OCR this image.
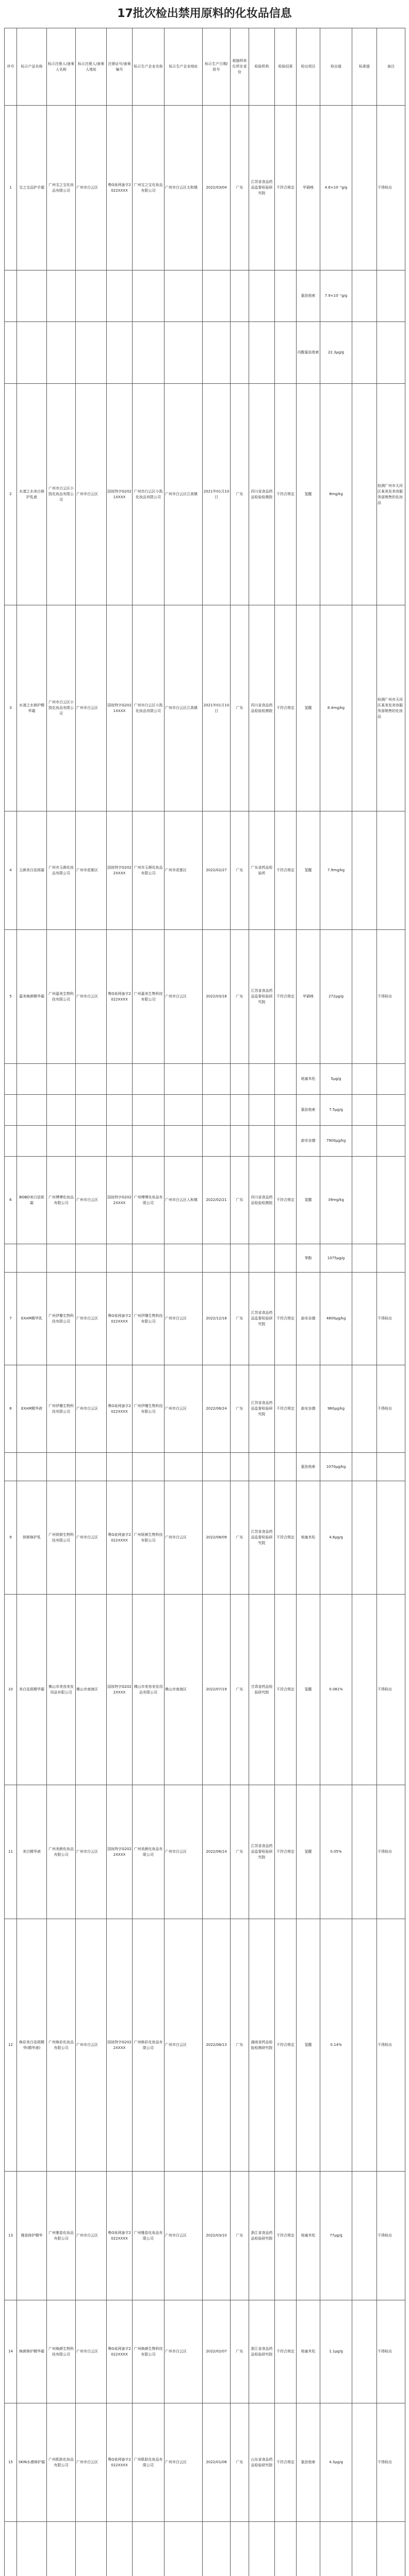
17批次检出禁用原料的化妆品信息
序号	标示产品名称	标示注册人/备案人名称	标示注册人/备案人地址	注册证号/备案编号	标示生产企业名称	标示生产企业地址	标示生产日期/批号	被抽样单位所在省份	检验机构	检验结果	检出项目	检出值	标准值	备注
1	宝之宝品护手霜	广州宝之宝化妆品有限公司	广州市白云区	粤G妆网备字2022XXXX	广州宝之宝化妆品有限公司	广州市白云区太和镇	2022/03/04	广东	江苏省食品药品监督检验研究院	不符合规定	甲硝唑	4.6×10⁻⁷g/g		不得检出
											氯倍他索	7.9×10⁻⁷g/g		
											丙酸氯倍他索	22.3μg/g		
2	水漾之水美白修护乳液	广州市白云区小凯化妆品有限公司	广州市白云区	国妆特字G2021XXXX	广州市白云区小凯化妆品有限公司	广州市白云区江高镇	2021年01月10日	广东	四川省食品药品检验检测院	不符合规定	氢醌	8mg/kg		检测广州市天河区某美发美容服务部销售的化妆品
3	水漾之水修护精华霜	广州市白云区小凯化妆品有限公司	广州市白云区	国妆特字G2021XXXX	广州市白云区小凯化妆品有限公司	广州市白云区江高镇	2021年01月10日	广东	四川省食品药品检验检测院	不符合规定	氢醌	8.4mg/kg		检测广州市天河区某美发美容服务部销售的化妆品
4	玉颜美白祛斑霜	广州市玉颜化妆品有限公司	广州市花都区	国妆特字G2022XXXX	广州市玉颜化妆品有限公司	广州市花都区	2022/02/27	广东	广东省药品检验所	不符合规定	氢醌	7.9mg/kg		
5	嘉美焕颜精华霜	广州嘉美生物科技有限公司	广州市白云区	粤G妆网备字2022XXXX	广州嘉美生物科技有限公司	广州市白云区	2022/03/18	广东	江苏省食品药品监督检验研究院	不符合规定	甲硝唑	272μg/g		不得检出
											地塞米松	5μg/g		
											氯倍他索	7.5μg/g		
											曲安奈德	7900μg/kg		
6	BOBO美白祛斑霜	广州博博化妆品有限公司	广州市白云区	国妆特字G2022XXXX	广州博博化妆品有限公司	广州市白云区人和镇	2022/02/21	广东	四川省食品药品检验检测院	不符合规定	氢醌	39mg/kg		
											苯酚	1075μg/g		
7	EXAM精华乳	广州伊珊生物科技有限公司	广州市白云区	粤G妆网备字2022XXXX	广州伊珊生物科技有限公司	广州市白云区	2022/12/18	广东	江苏省食品药品监督检验研究院	不符合规定	曲安奈德	4800μg/kg		不得检出
8	EXAM精华液	广州伊珊生物科技有限公司	广州市白云区	粤G妆网备字2022XXXX	广州伊珊生物科技有限公司	广州市白云区	2022/06/24	广东	江苏省食品药品监督检验研究院	不符合规定	曲安奈德	960μg/kg		不得检出
											氯倍他索	1070μg/kg		
9	妍颜修护乳	广州妍颜生物科技有限公司	广州市白云区	粤G妆网备字2022XXXX	广州妍颜生物科技有限公司	广州市白云区	2022/08/09	广东	江苏省食品药品监督检验研究院	不符合规定	地塞米松	4.8μg/g		
10	美白祛斑精华霜	佛山市美容美发用品有限公司	佛山市南海区	国妆特字G2022XXXX	佛山市美容美发用品有限公司	佛山市南海区	2022/07/19	广东	甘肃省药品检验研究院	不符合规定	氢醌	0.081%		不得检出
11	美白精华液	广州美颜化妆品有限公司	广州市白云区	国妆特字G2022XXXX	广州美颜化妆品有限公司	广州市白云区	2022/06/14	广东	江苏省食品药品监督检验研究院	不符合规定	氢醌	0.05%		不得检出
12	焕彩美白祛斑精华(精华液)	广州焕彩化妆品有限公司	广州市白云区	国妆特字G2022XXXX	广州焕彩化妆品有限公司	广州市白云区	2022/08/13	广东	湖南省药品检验检测研究院	不符合规定	氢醌	0.14%		不得检出
13	雅姿修护精华	广州雅姿化妆品有限公司	广州市白云区	粤G妆网备字2022XXXX	广州雅姿化妆品有限公司	广州市白云区	2022/03/10	广东	浙江省食品药品检验研究院	不符合规定	地塞米松	77μg/g		不得检出
14	焕颜修护精华霜	广州焕颜生物科技有限公司	广州市白云区	粤G妆网备字2022XXXX	广州焕颜生物科技有限公司	广州市白云区	2022/02/07	广东	浙江省食品药品检验研究院	不符合规定	地塞米松	1.1μg/g		不得检出
15	SKIN水感修护霜	广州肌肤化妆品有限公司	广州市白云区	粤G妆网备字2022XXXX	广州肌肤化妆品有限公司	广州市白云区	2022/01/08	广东	山东省食品药品检验研究院	不符合规定	氯倍他索	4.3μg/g		不得检出
